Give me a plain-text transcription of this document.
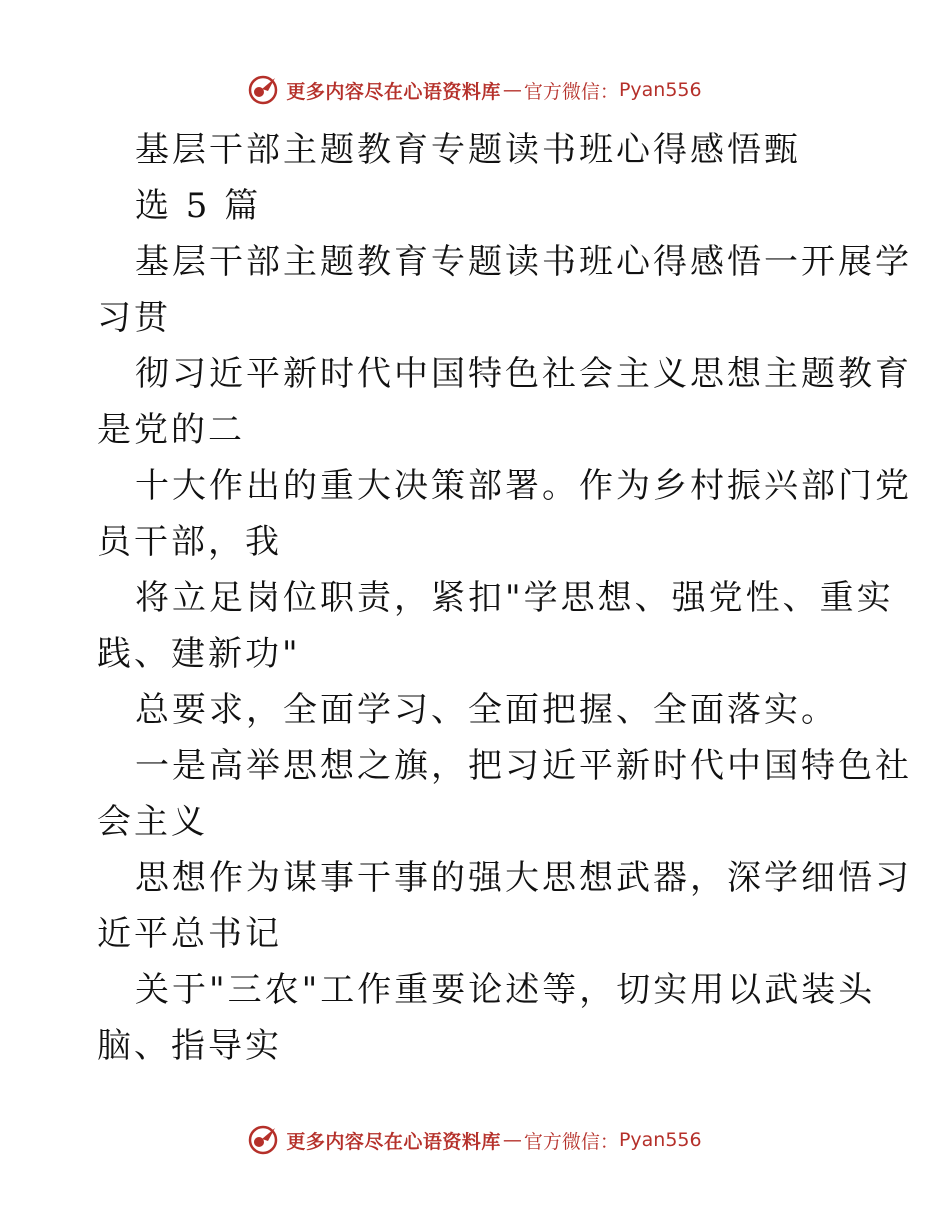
更多内容尽在心语资料库 — 官方微信： Pyan556

基层干部主题教育专题读书班心得感悟甄

选 5 篇

基层干部主题教育专题读书班心得感悟一开展学

习贯

彻习近平新时代中国特色社会主义思想主题教育

是党的二

十大作出的重大决策部署。作为乡村振兴部门党

员干部，我

将立足岗位职责，紧扣"学思想、强党性、重实

践、建新功"

总要求，全面学习、全面把握、全面落实。

一是高举思想之旗，把习近平新时代中国特色社

会主义

思想作为谋事干事的强大思想武器，深学细悟习

近平总书记

关于"三农"工作重要论述等，切实用以武装头

脑、指导实

更多内容尽在心语资料库 — 官方微信： Pyan556
